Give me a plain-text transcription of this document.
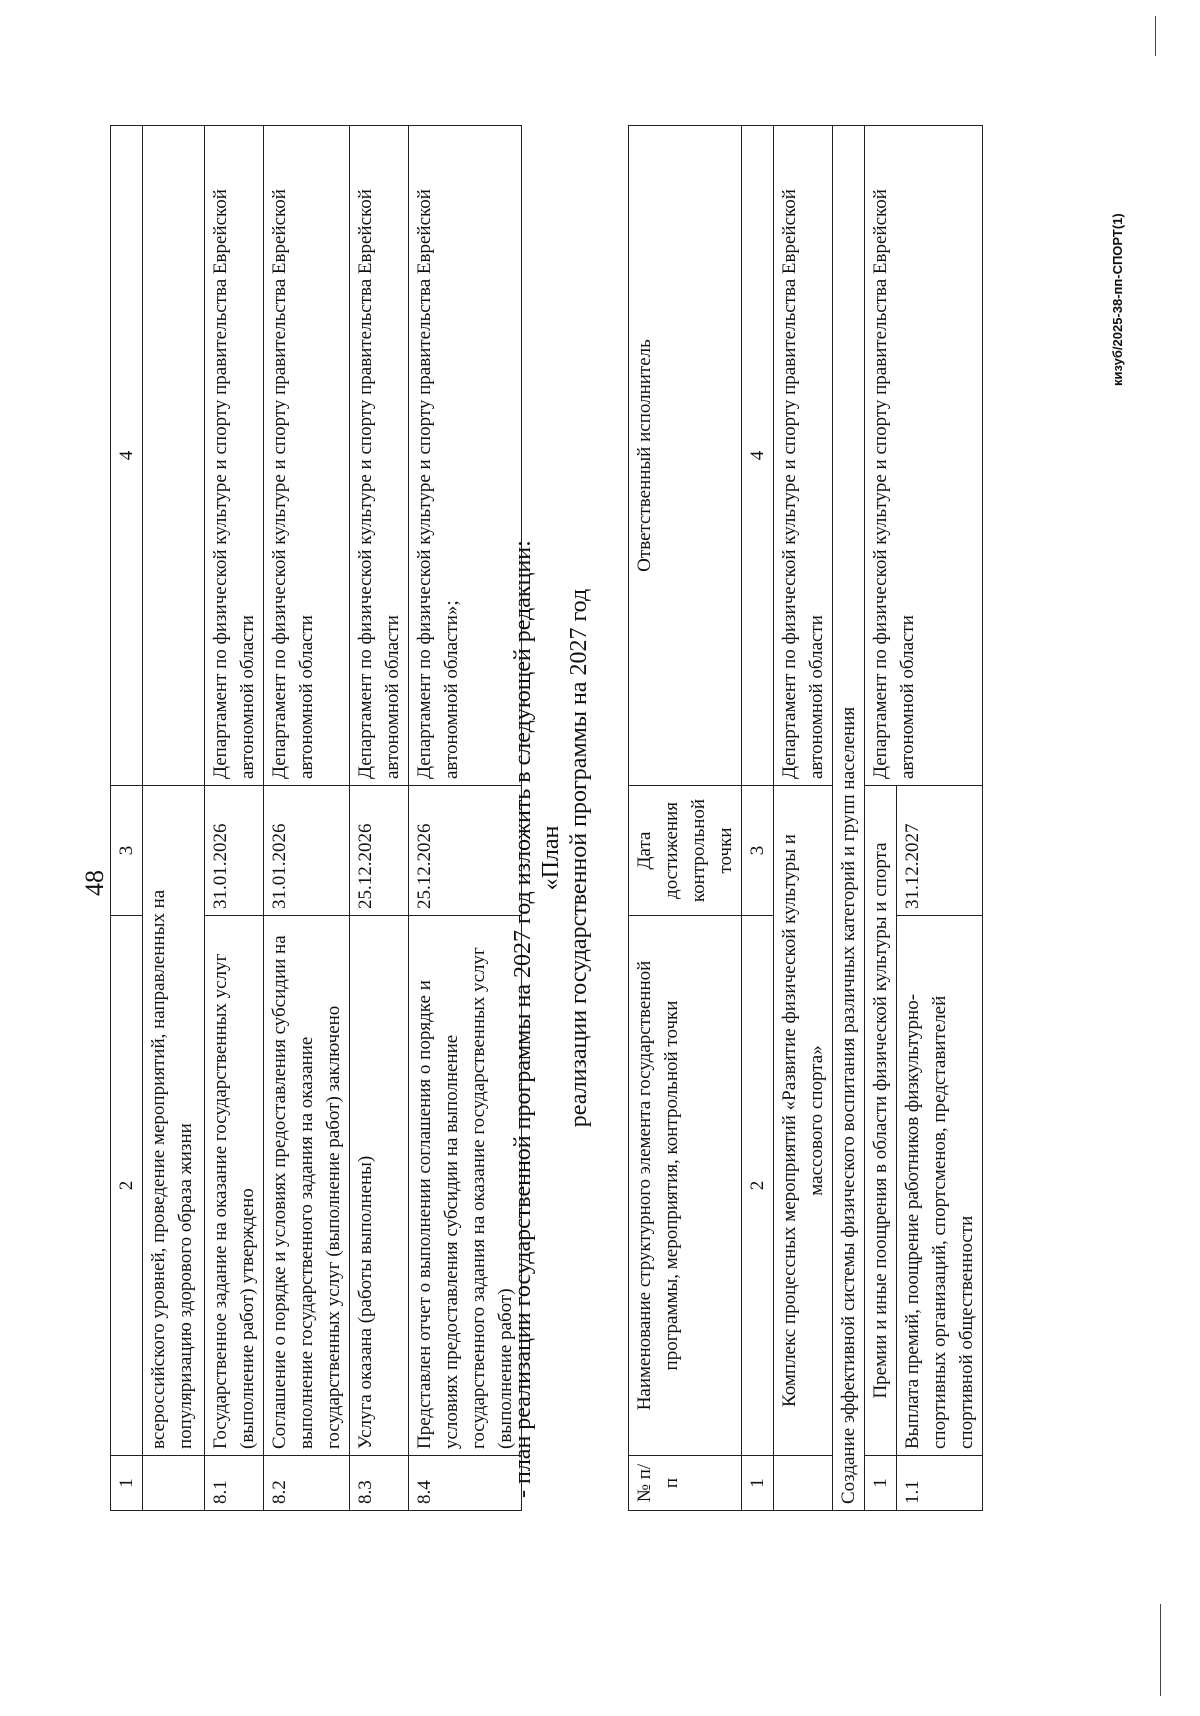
48
1	2	3	4
	всероссийского уровней, проведение мероприятий, направленных на популяризацию здорового образа жизни		
8.1	Государственное задание на оказание государственных услуг (выполнение работ) утверждено	31.01.2026	Департамент по физической культуре и спорту правительства Еврейской автономной области
8.2	Соглашение о порядке и условиях предоставления субсидии на выполнение государственного задания на оказание государственных услуг (выполнение работ) заключено	31.01.2026	Департамент по физической культуре и спорту правительства Еврейской автономной области
8.3	Услуга оказана (работы выполнены)	25.12.2026	Департамент по физической культуре и спорту правительства Еврейской автономной области
8.4	Представлен отчет о выполнении соглашения о порядке и условиях предоставления субсидии на выполнение государственного задания на оказание государственных услуг (выполнение работ)	25.12.2026	Департамент по физической культуре и спорту правительства Еврейской автономной области»; - план реализации государственной программы на 2027 год изложить в следующей редакции: «План реализации государственной программы на 2027 год
№ п/п	Наименование структурного элемента государственной программы, мероприятия, контрольной точки	Дата достижения контрольной точки	Ответственный исполнитель
1	2	3	4
	Комплекс процессных мероприятий «Развитие физической культуры и массового спорта»		Департамент по физической культуре и спорту правительства Еврейской автономной области
Создание эффективной системы физического воспитания различных категорий и групп населения			
1	Премии и иные поощрения в области физической культуры и спорта		Департамент по физической культуре и спорту правительства Еврейской автономной области
1.1	Выплата премий, поощрение работников физкультурно-спортивных организаций, спортсменов, представителей спортивной общественности	31.12.2027	
кизуб/2025-38-пп-СПОРТ(1)
